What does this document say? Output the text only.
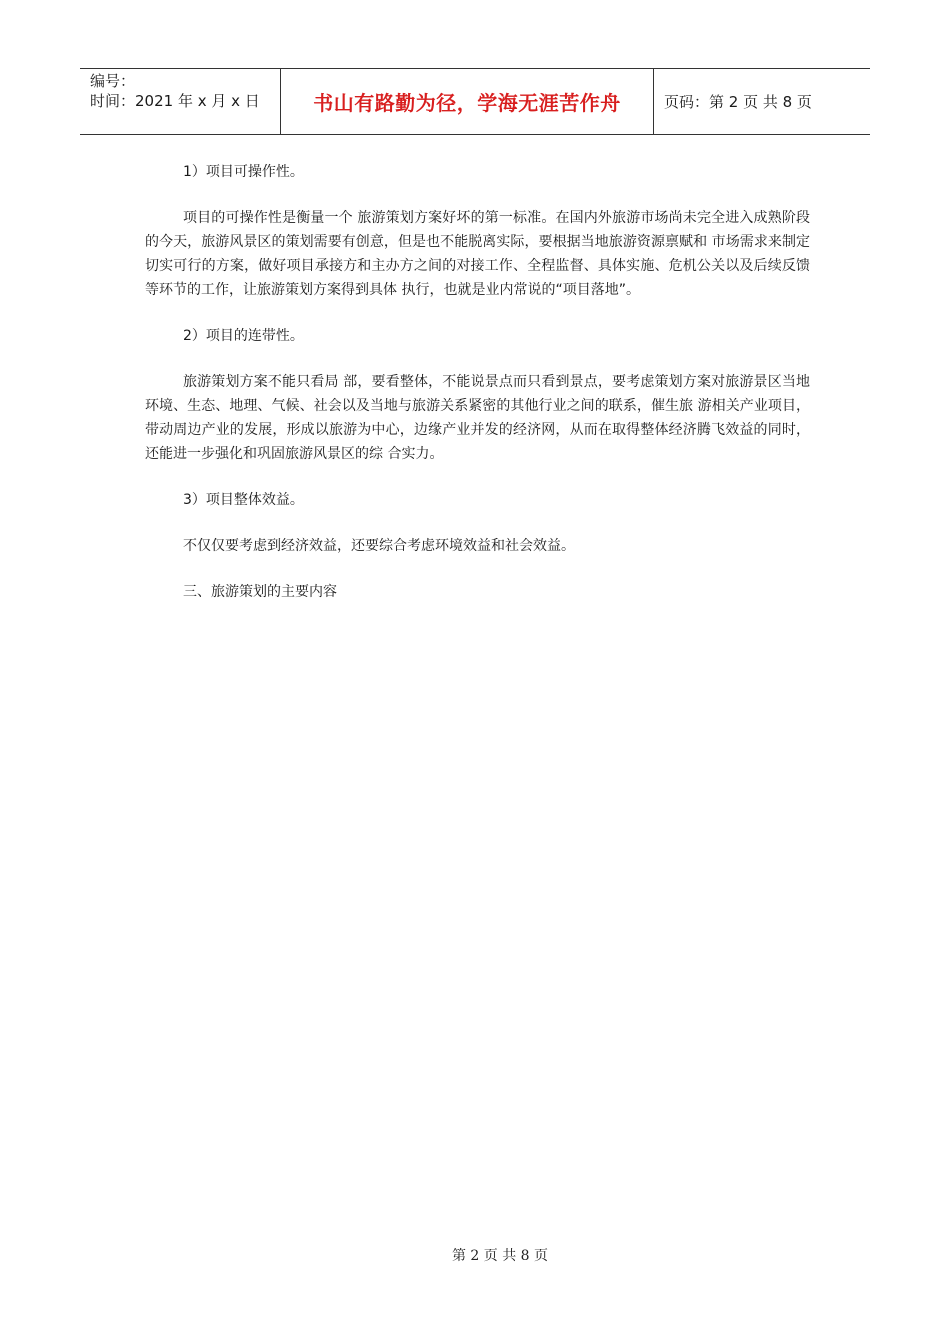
编号：
时间：2021 年 x 月 x 日	书山有路勤为径，学海无涯苦作舟	页码：第 2 页 共 8 页

1）项目可操作性。

项目的可操作性是衡量一个 旅游策划方案好坏的第一标准。在国内外旅游市场尚未完全进入成熟阶段的今天，旅游风景区的策划需要有创意，但是也不能脱离实际，要根据当地旅游资源禀赋和 市场需求来制定切实可行的方案，做好项目承接方和主办方之间的对接工作、全程监督、具体实施、危机公关以及后续反馈等环节的工作，让旅游策划方案得到具体 执行，也就是业内常说的“项目落地”。

2）项目的连带性。

旅游策划方案不能只看局 部，要看整体，不能说景点而只看到景点，要考虑策划方案对旅游景区当地环境、生态、地理、气候、社会以及当地与旅游关系紧密的其他行业之间的联系，催生旅 游相关产业项目，带动周边产业的发展，形成以旅游为中心，边缘产业并发的经济网，从而在取得整体经济腾飞效益的同时，还能进一步强化和巩固旅游风景区的综 合实力。

3）项目整体效益。

不仅仅要考虑到经济效益，还要综合考虑环境效益和社会效益。

三、旅游策划的主要内容

第 2 页 共 8 页
